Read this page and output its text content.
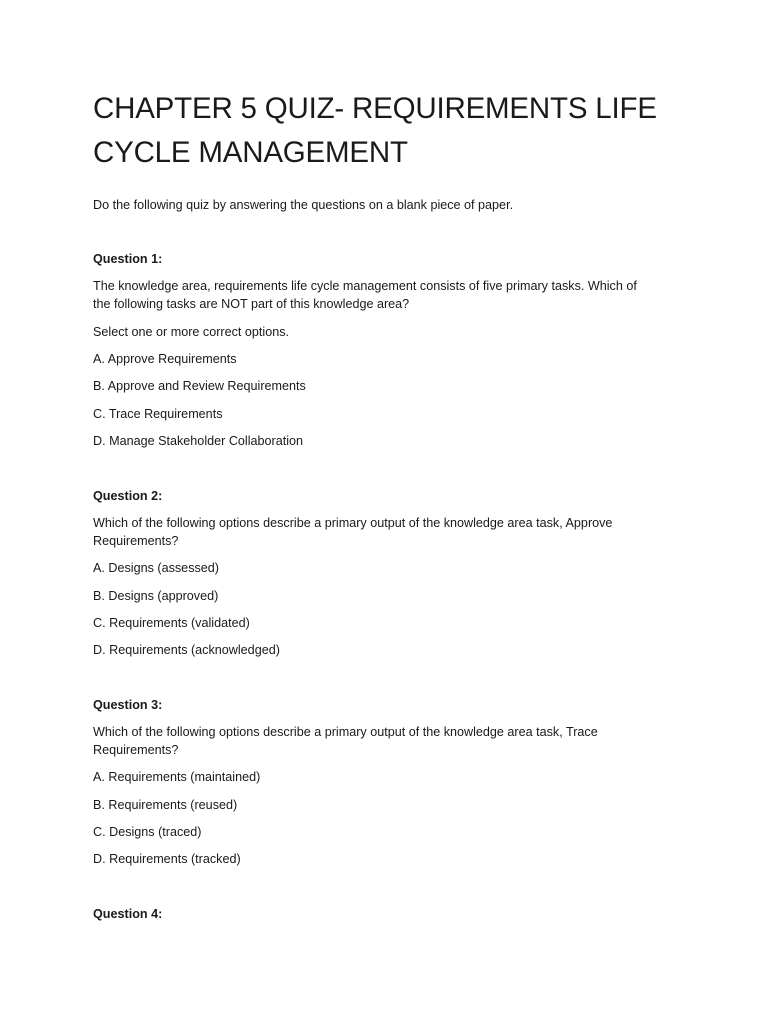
CHAPTER 5 QUIZ- REQUIREMENTS LIFE
CYCLE MANAGEMENT

Do the following quiz by answering the questions on a blank piece of paper.

Question 1:

The knowledge area, requirements life cycle management consists of five primary tasks. Which of

the following tasks are NOT part of this knowledge area?

Select one or more correct options.

A. Approve Requirements

B. Approve and Review Requirements

C. Trace Requirements

D. Manage Stakeholder Collaboration

Question 2:

Which of the following options describe a primary output of the knowledge area task, Approve

Requirements?

A. Designs (assessed)

B. Designs (approved)

C. Requirements (validated)

D. Requirements (acknowledged)

Question 3:

Which of the following options describe a primary output of the knowledge area task, Trace

Requirements?

A. Requirements (maintained)

B. Requirements (reused)

C. Designs (traced)

D. Requirements (tracked)

Question 4:
